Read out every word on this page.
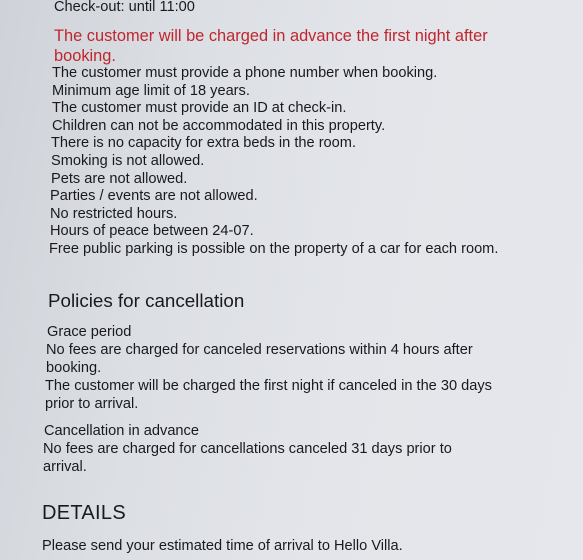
Check-out: until 11:00
The customer will be charged in advance the first night after
booking.
The customer must provide a phone number when booking.
Minimum age limit of 18 years.
The customer must provide an ID at check-in.
Children can not be accommodated in this property.
There is no capacity for extra beds in the room.
Smoking is not allowed.
Pets are not allowed.
Parties / events are not allowed.
No restricted hours.
Hours of peace between 24-07.
Free public parking is possible on the property of a car for each room.
Policies for cancellation
Grace period
No fees are charged for canceled reservations within 4 hours after
booking.
The customer will be charged the first night if canceled in the 30 days
prior to arrival.
Cancellation in advance
No fees are charged for cancellations canceled 31 days prior to
arrival.
DETAILS
Please send your estimated time of arrival to Hello Villa.
